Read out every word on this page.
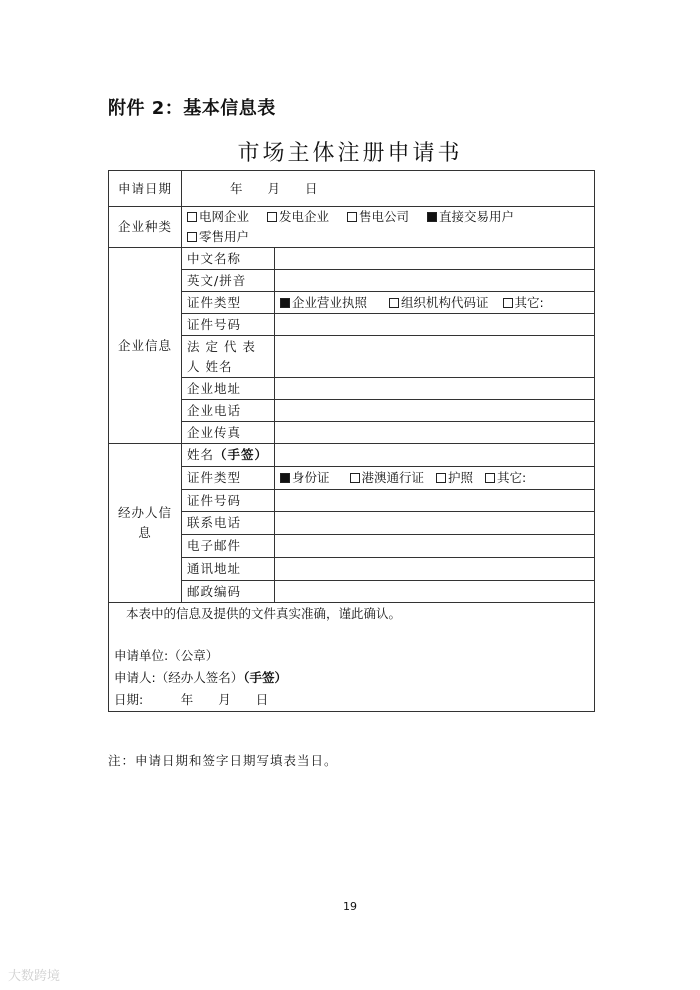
附件 2：基本信息表
市场主体注册申请书
申请日期	年　　月　　日	
企业种类	电网企业 发电企业 售电公司 直接交易用户
零售用户	
企业信息	中文名称	
	英文/拼音	
	证件类型	企业营业执照 组织机构代码证 其它:
	证件号码	
	法 定 代 表 人 姓名	
	企业地址	
	企业电话	
	企业传真	
经办人信息	姓名（手签）	
	证件类型	身份证 港澳通行证 护照 其它:
	证件号码	
	联系电话	
	电子邮件	
	通讯地址	
	邮政编码	

本表中的信息及提供的文件真实准确，谨此确认。
申请单位:（公章）
申请人:（经办人签名）（手签）
日期:　　　年　　月　　日		
注：申请日期和签字日期写填表当日。
19
大数跨境
